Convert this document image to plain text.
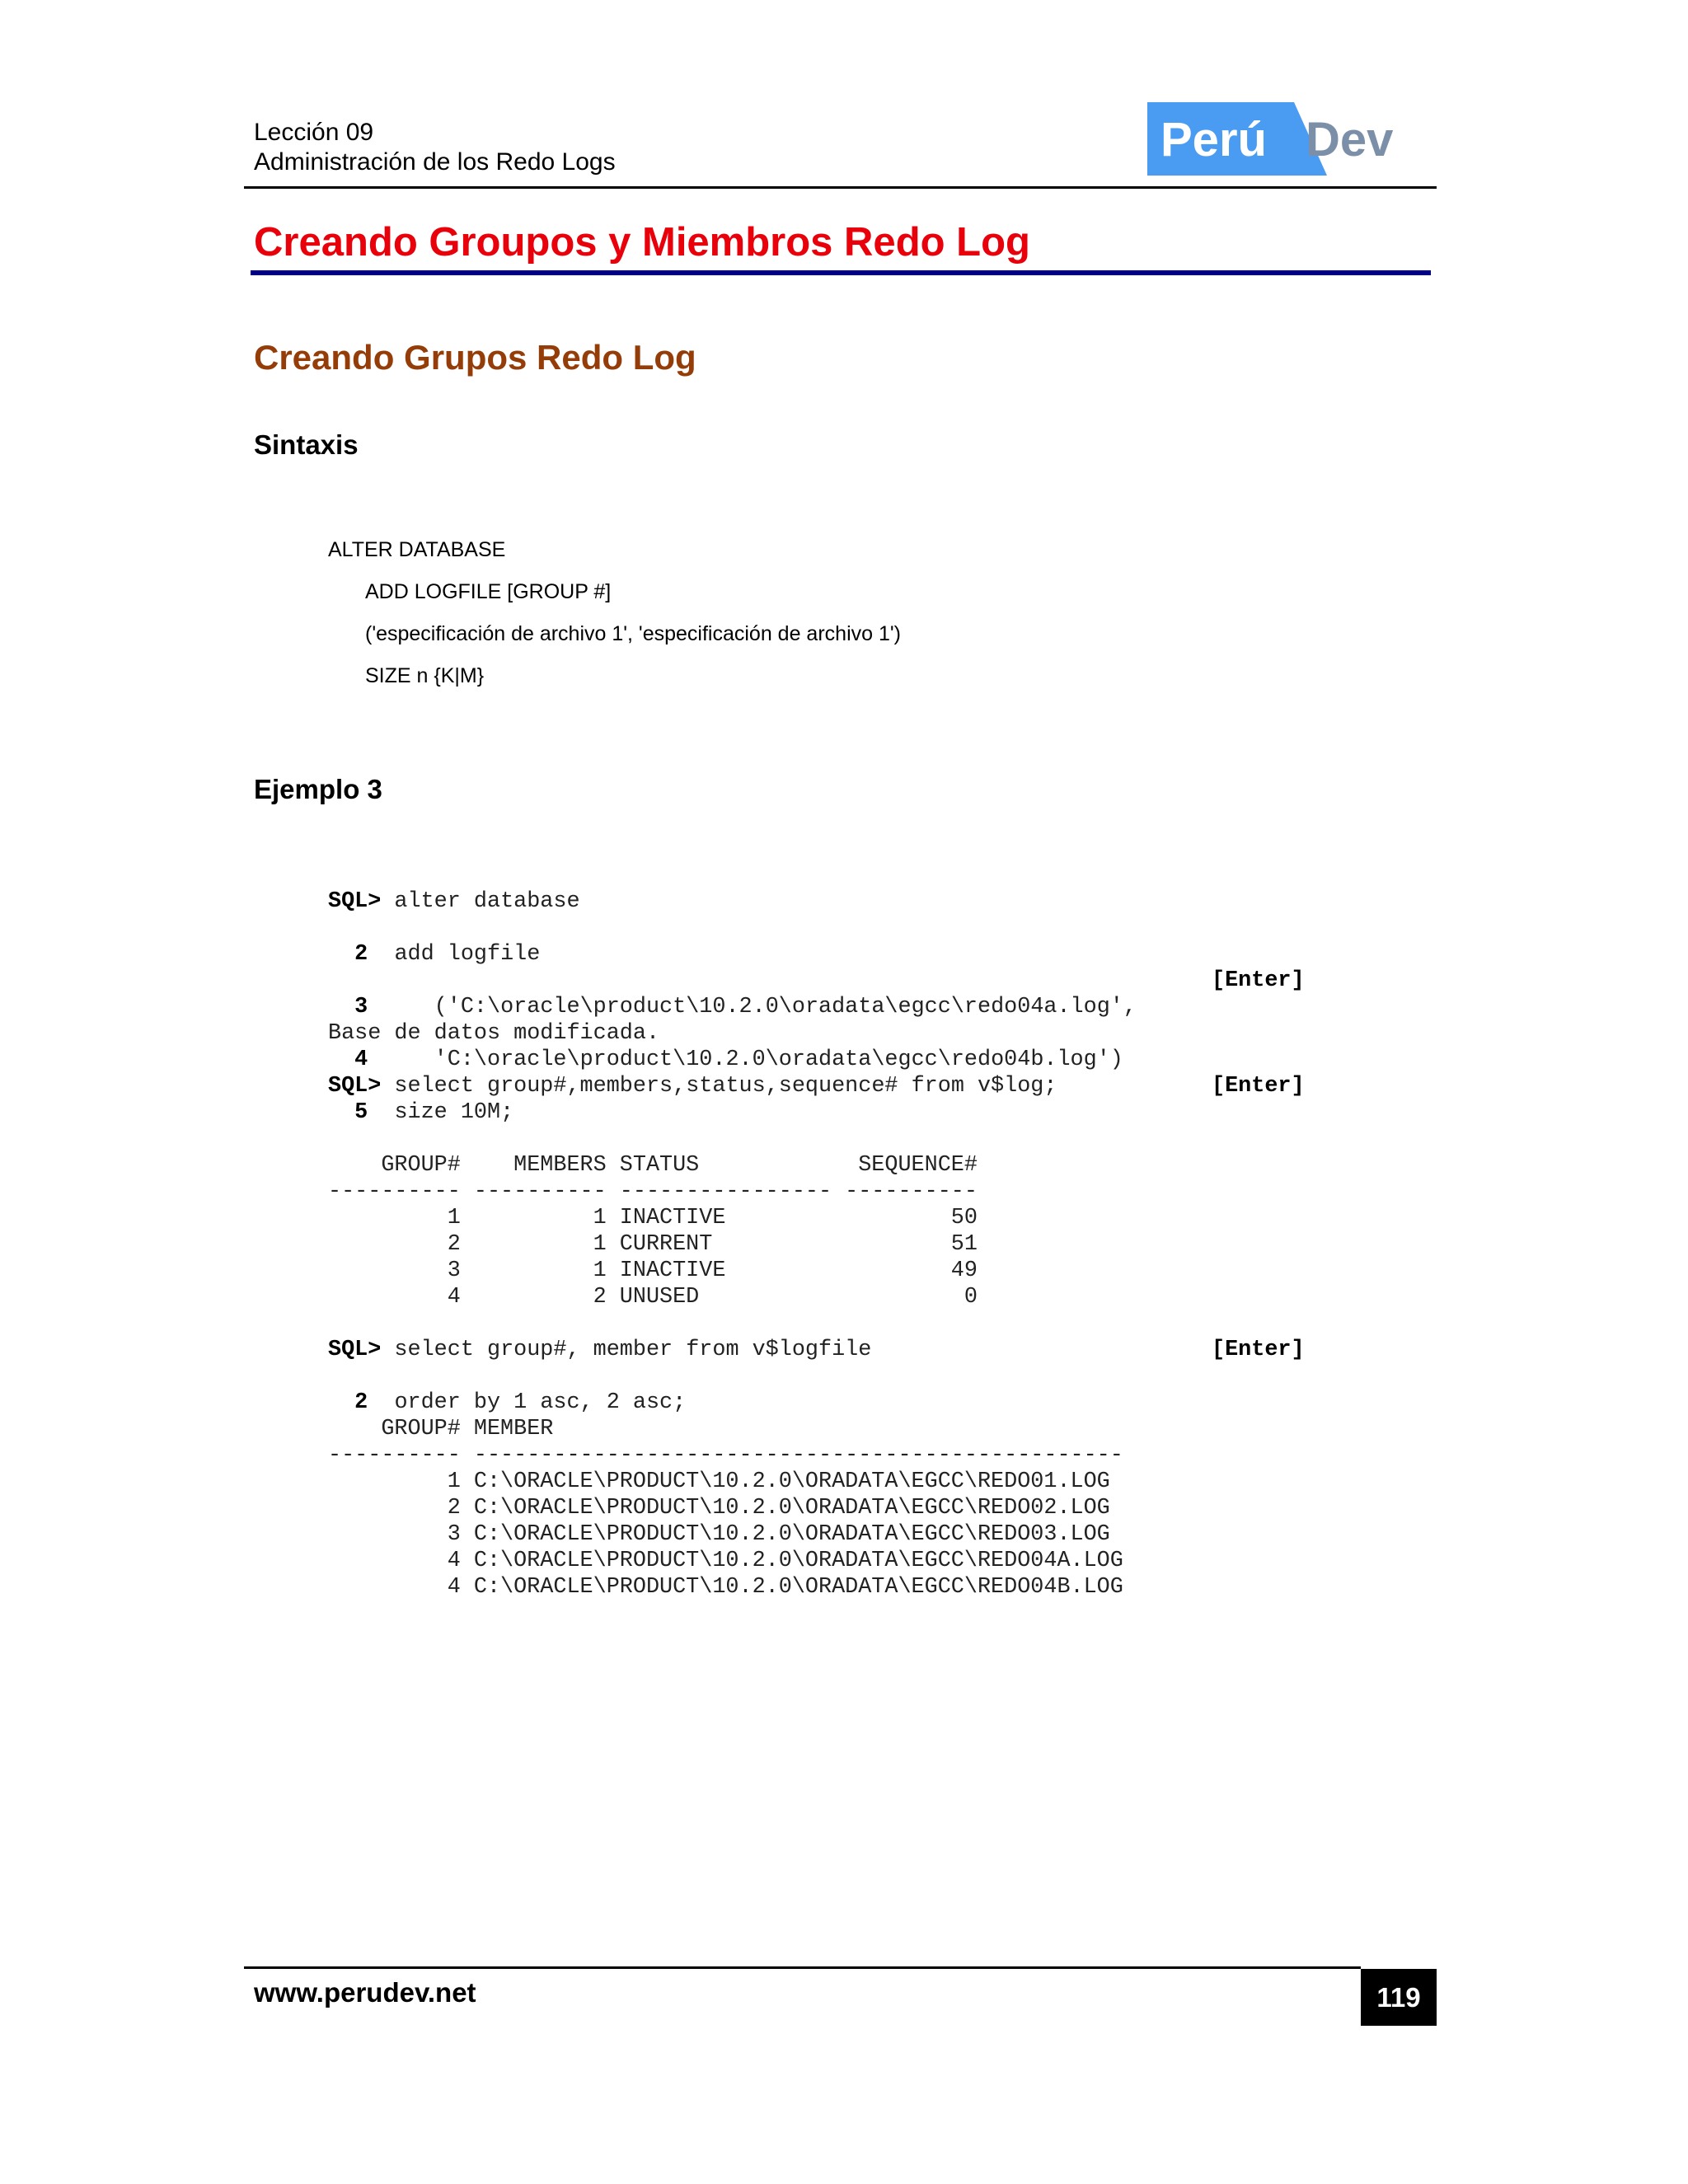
Lección 09
Administración de los Redo Logs	Perú Dev
Creando Groupos y Miembros Redo Log
Creando Grupos Redo Log
Sintaxis
ALTER DATABASE
ADD LOGFILE [GROUP #]
('especificación de archivo 1', 'especificación de archivo 1')
SIZE n {K|M}
Ejemplo 3

SQL> alter database

2 add logfile

3     ('C:\oracle\product\10.2.0\oradata\egcc\redo04a.log',

4     'C:\oracle\product\10.2.0\oradata\egcc\redo04b.log')

5 size 10M;

[Enter]
Base de datos modificada.
SQL> select group#,members,status,sequence# from v$log;	[Enter]

GROUP#    MEMBERS STATUS            SEQUENCE#
---------- ---------- ---------------- ----------
1          1 INACTIVE                 50
2          1 CURRENT                  51
3          1 INACTIVE                 49
4          2 UNUSED                    0

SQL> select group#, member from v$logfile

2 order by 1 asc, 2 asc;

[Enter]

GROUP# MEMBER
---------- -------------------------------------------------
1 C:\ORACLE\PRODUCT\10.2.0\ORADATA\EGCC\REDO01.LOG
2 C:\ORACLE\PRODUCT\10.2.0\ORADATA\EGCC\REDO02.LOG
3 C:\ORACLE\PRODUCT\10.2.0\ORADATA\EGCC\REDO03.LOG
4 C:\ORACLE\PRODUCT\10.2.0\ORADATA\EGCC\REDO04A.LOG
4 C:\ORACLE\PRODUCT\10.2.0\ORADATA\EGCC\REDO04B.LOG

www.perudev.net	119
